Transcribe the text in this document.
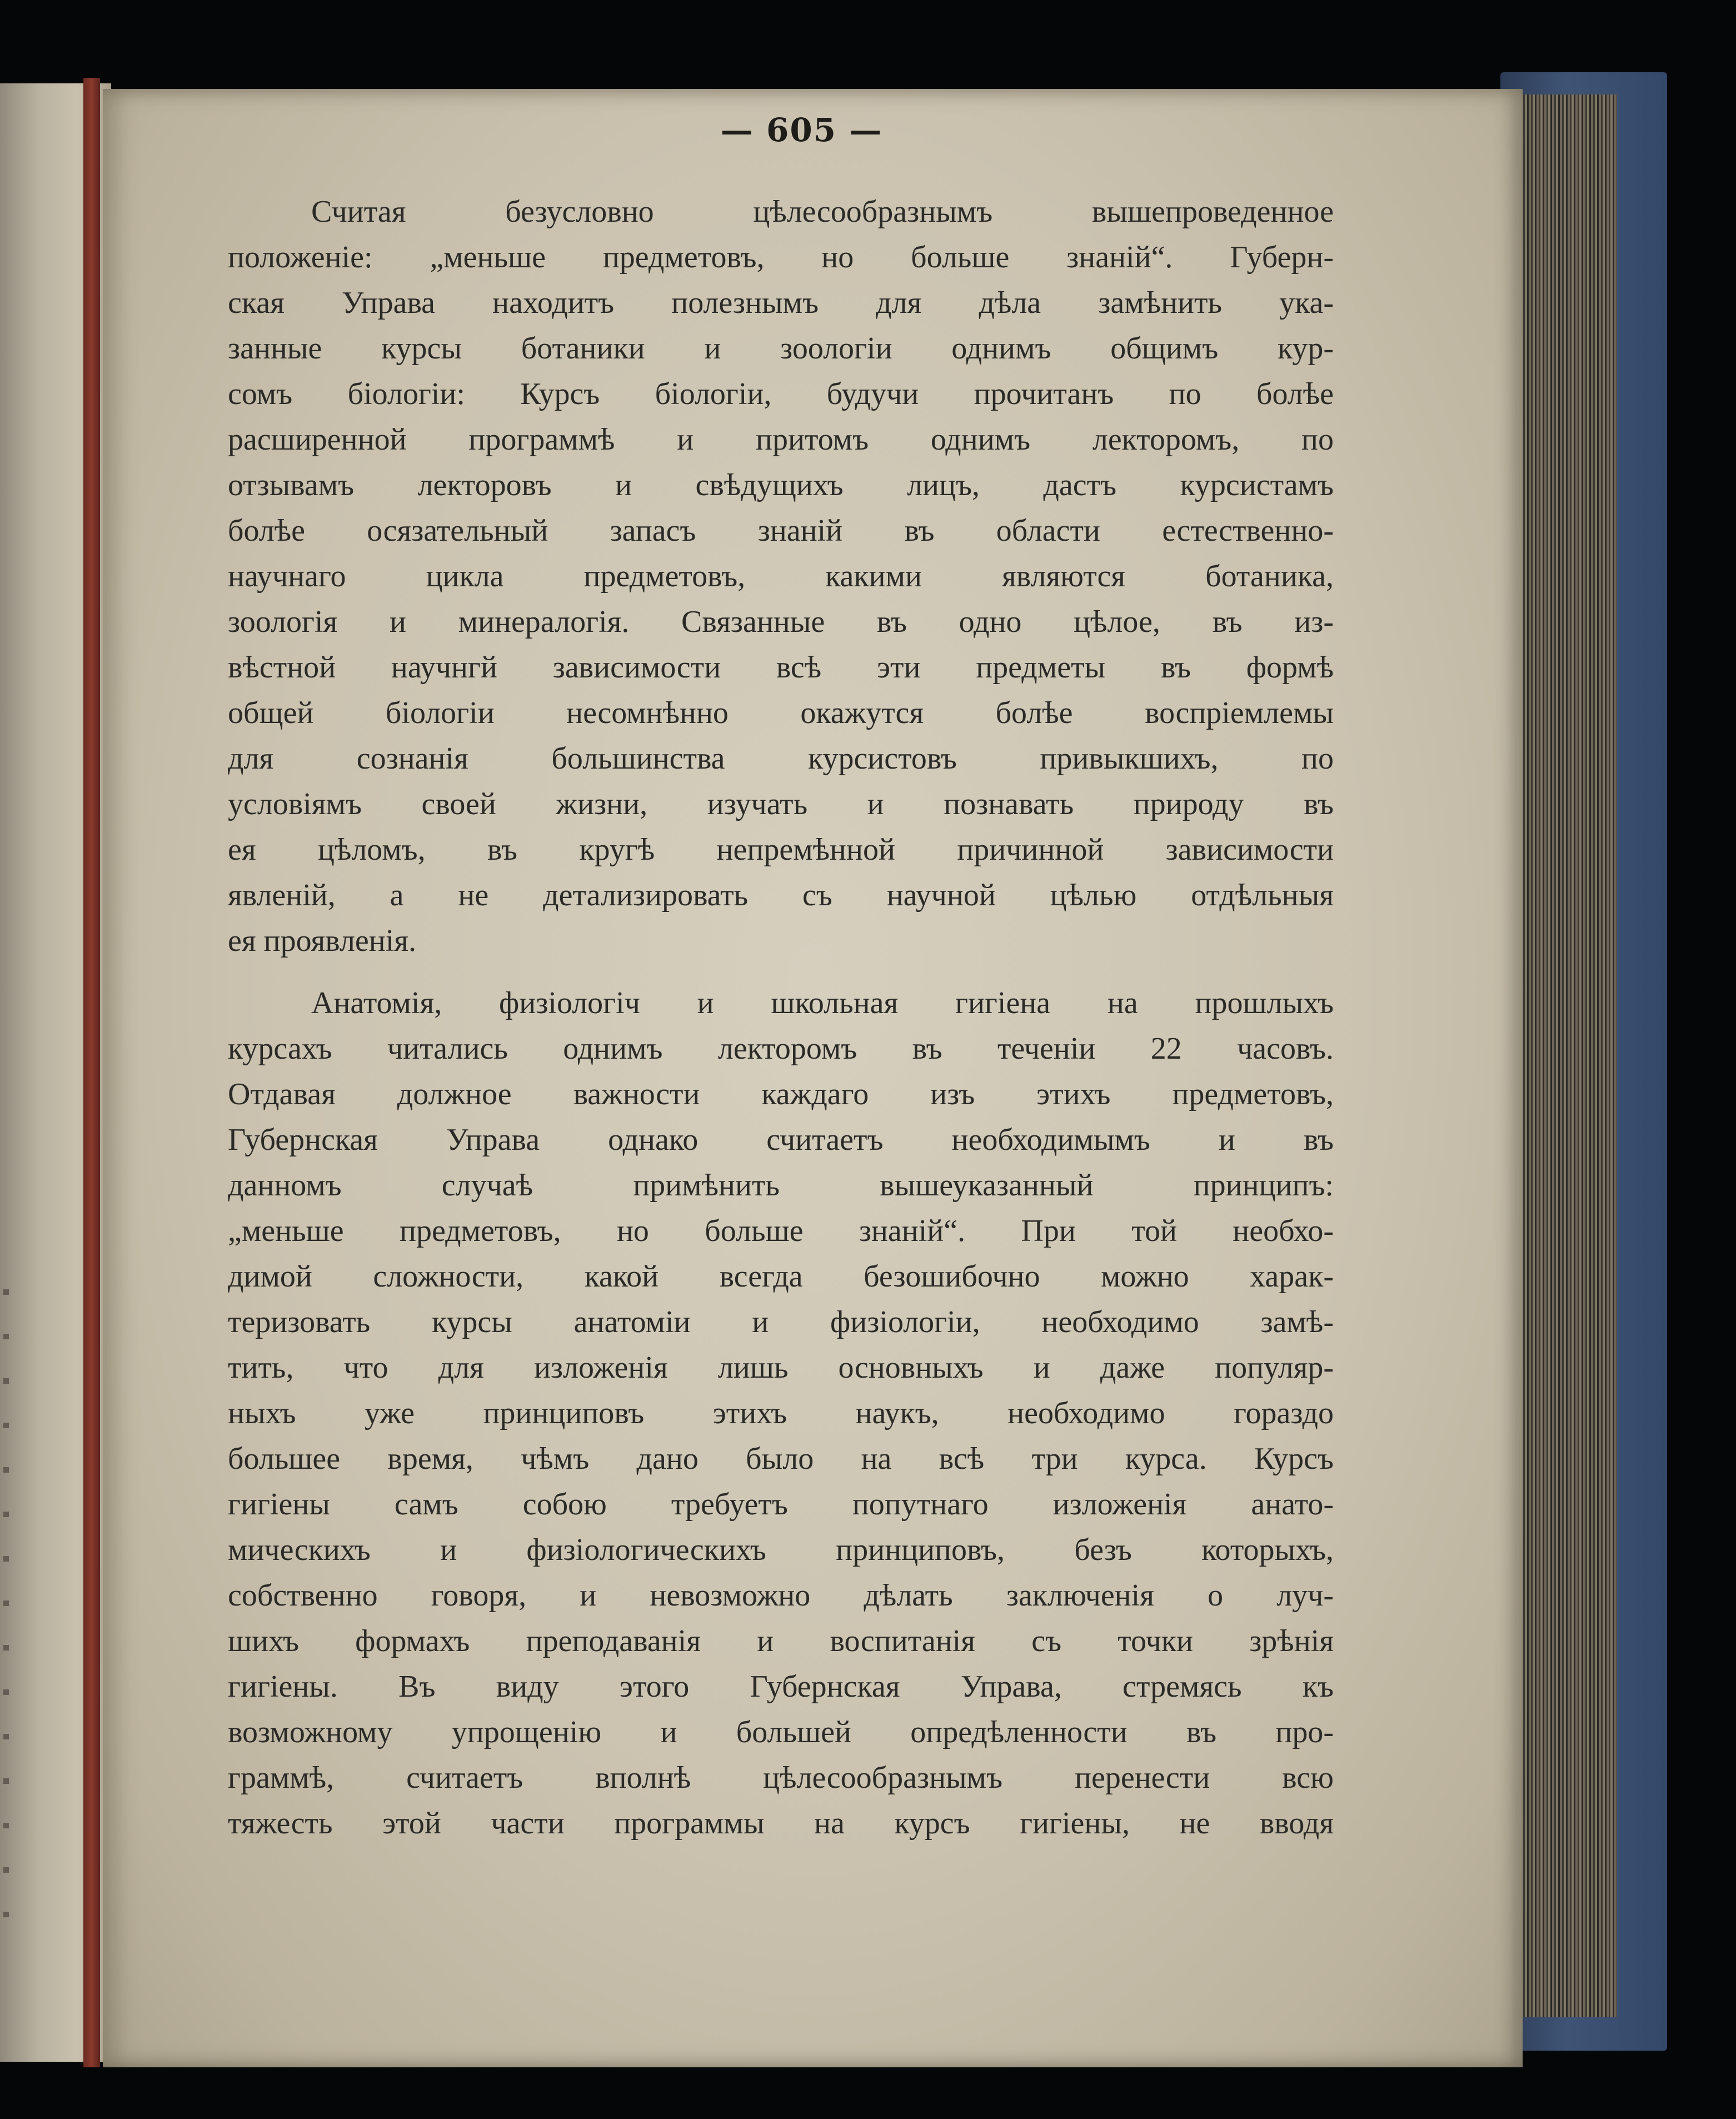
— 605 —
Считая безусловно цѣлесообразнымъ вышепроведенное
положеніе: „меньше предметовъ, но больше знаній“. Губерн-
ская Управа находитъ полезнымъ для дѣла замѣнить ука-
занные курсы ботаники и зоологіи однимъ общимъ кур-
сомъ біологіи: Курсъ біологіи, будучи прочитанъ по болѣе
расширенной программѣ и притомъ однимъ лекторомъ, по
отзывамъ лекторовъ и свѣдущихъ лицъ, дастъ курсистамъ
болѣе осязательный запасъ знаній въ области естественно-
научнаго цикла предметовъ, какими являются ботаника,
зоологія и минералогія. Связанные въ одно цѣлое, въ из-
вѣстной научнгй зависимости всѣ эти предметы въ формѣ
общей біологіи несомнѣнно окажутся болѣе воспріемлемы
для сознанія большинства курсистовъ привыкшихъ, по
условіямъ своей жизни, изучать и познавать природу въ
ея цѣломъ, въ кругѣ непремѣнной причинной зависимости
явленій, а не детализировать съ научной цѣлью отдѣльныя
ея проявленія.
Анатомія, физіологіч и школьная гигіена на прошлыхъ
курсахъ читались однимъ лекторомъ въ теченіи 22 часовъ.
Отдавая должное важности каждаго изъ этихъ предметовъ,
Губернская Управа однако считаетъ необходимымъ и въ
данномъ случаѣ примѣнить вышеуказанный принципъ:
„меньше предметовъ, но больше знаній“. При той необхо-
димой сложности, какой всегда безошибочно можно харак-
теризовать курсы анатоміи и физіологіи, необходимо замѣ-
тить, что для изложенія лишь основныхъ и даже популяр-
ныхъ уже принциповъ этихъ наукъ, необходимо гораздо
большее время, чѣмъ дано было на всѣ три курса. Курсъ
гигіены самъ собою требуетъ попутнаго изложенія анато-
мическихъ и физіологическихъ принциповъ, безъ которыхъ,
собственно говоря, и невозможно дѣлать заключенія о луч-
шихъ формахъ преподаванія и воспитанія съ точки зрѣнія
гигіены. Въ виду этого Губернская Управа, стремясь къ
возможному упрощенію и большей опредѣленности въ про-
граммѣ, считаетъ вполнѣ цѣлесообразнымъ перенести всю
тяжесть этой части программы на курсъ гигіены, не вводя
